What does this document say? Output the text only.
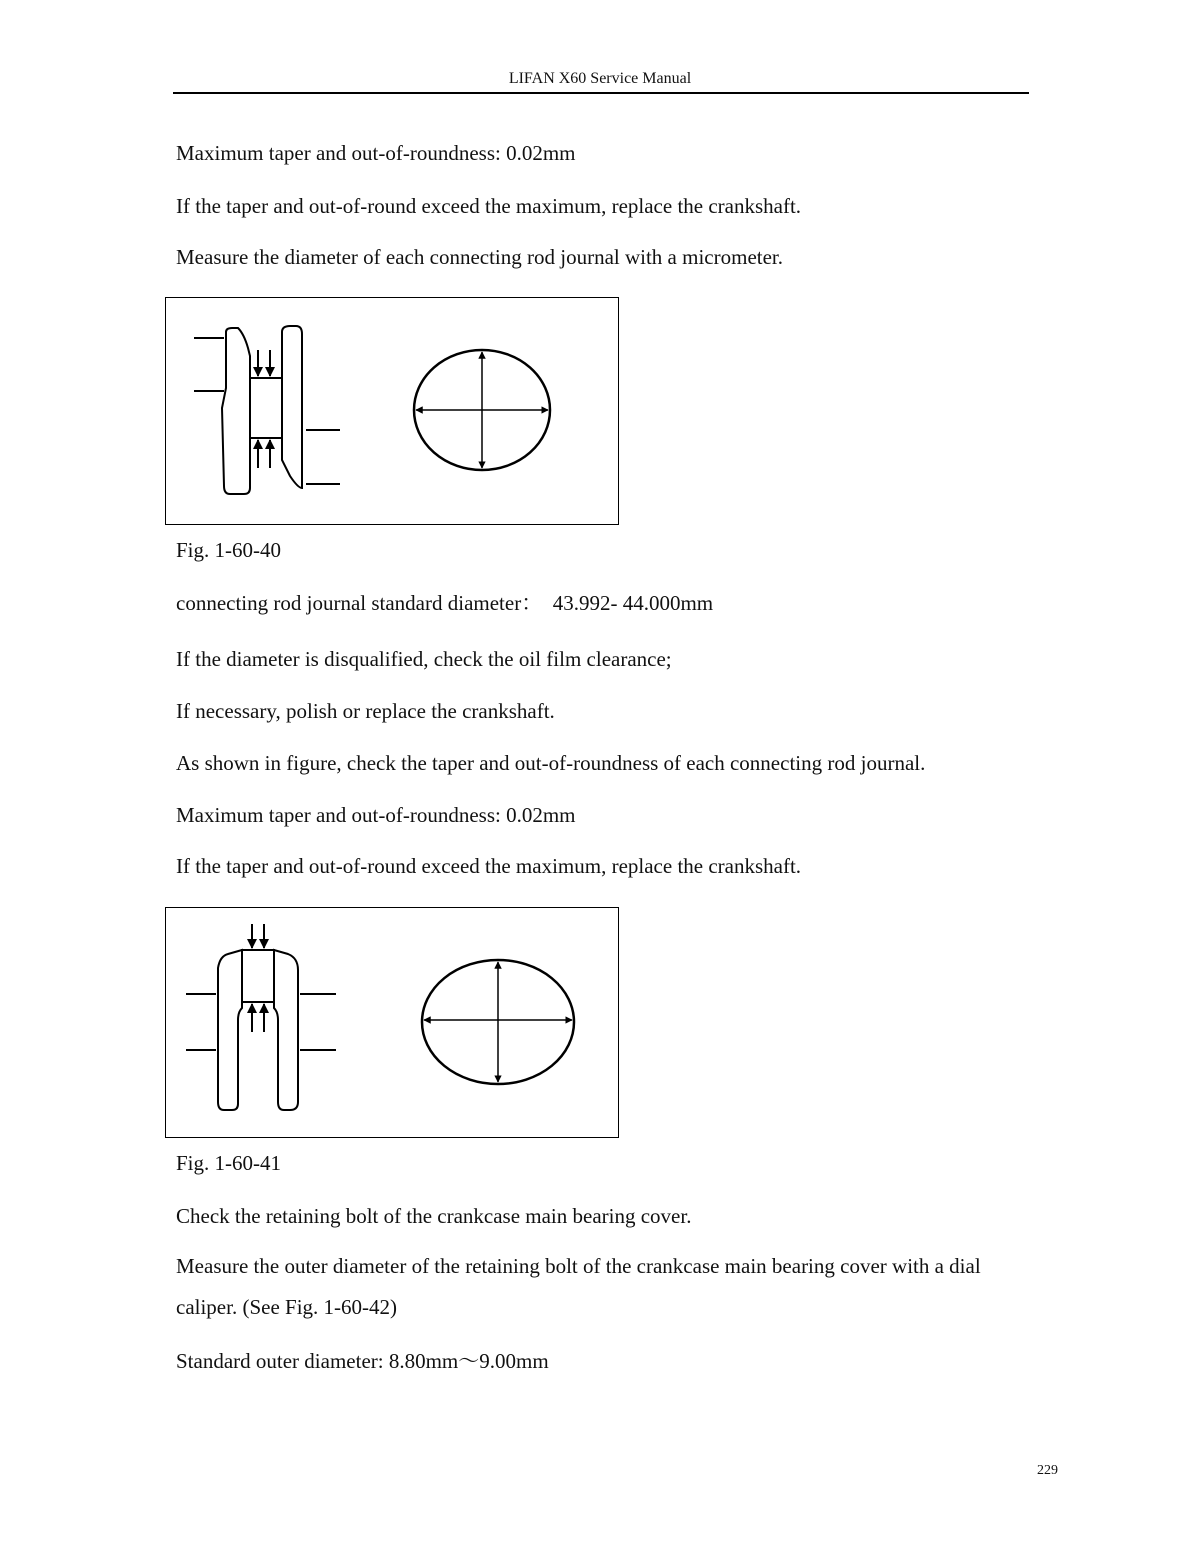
LIFAN X60 Service Manual
Maximum taper and out-of-roundness: 0.02mm
If the taper and out-of-round exceed the maximum, replace the crankshaft.
Measure the diameter of each connecting rod journal with a micrometer.
Fig. 1-60-40
connecting rod journal standard diameter：　43.992- 44.000mm
If the diameter is disqualified, check the oil film clearance;
If necessary, polish or replace the crankshaft.
As shown in figure, check the taper and out-of-roundness of each connecting rod journal.
Maximum taper and out-of-roundness: 0.02mm
If the taper and out-of-round exceed the maximum, replace the crankshaft.
Fig. 1-60-41
Check the retaining bolt of the crankcase main bearing cover.
Measure the outer diameter of the retaining bolt of the crankcase main bearing cover with a dial caliper. (See Fig. 1-60-42)
Standard outer diameter: 8.80mm～9.00mm
229
